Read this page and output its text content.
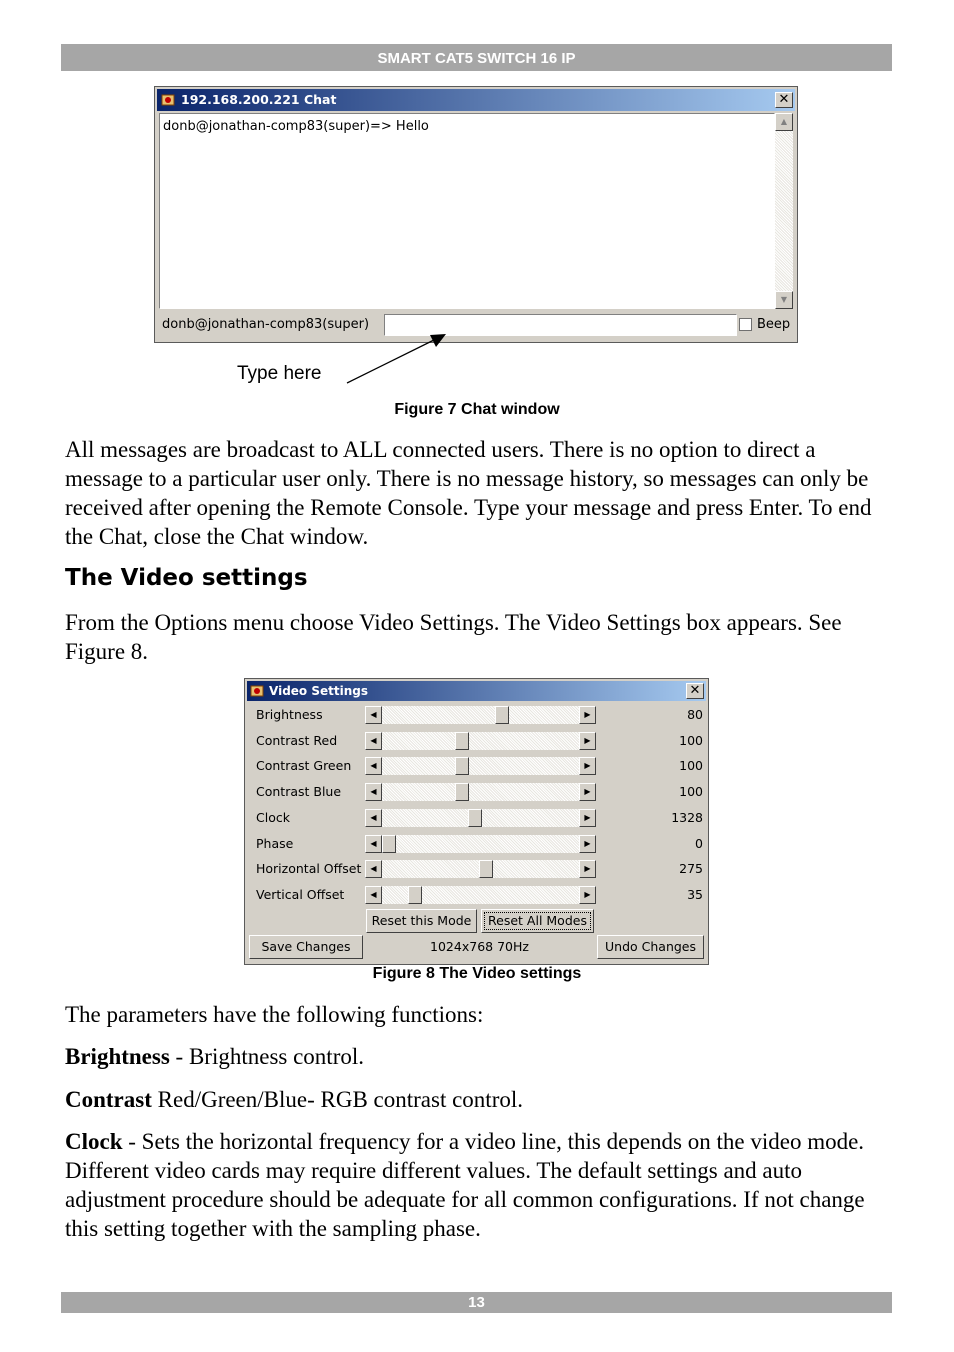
SMART CAT5 SWITCH 16 IP
192.168.200.221 Chat	✕
donb@jonathan-comp83(super)=> Hello	▲
▼
donb@jonathan-comp83(super)	Beep
Type here
Figure 7 Chat window
All messages are broadcast to ALL connected users. There is no option to direct a message to a particular user only. There is no message history, so messages can only be received after opening the Remote Console. Type your message and press Enter. To end the Chat, close the Chat window.
The Video settings
From the Options menu choose Video Settings. The Video Settings box appears. See Figure 8.
Video Settings	✕
Brightness	◀	▶	80
Contrast Red	◀	▶	100
Contrast Green	◀	▶	100
Contrast Blue	◀	▶	100
Clock	◀	▶	1328
Phase	◀	▶	0
Horizontal Offset	◀	▶	275
Vertical Offset	◀	▶	35
Reset this Mode	Reset All Modes
Save Changes	1024x768 70Hz	Undo Changes
Figure 8 The Video settings
The parameters have the following functions:
Brightness - Brightness control.
Contrast Red/Green/Blue- RGB contrast control.
Clock - Sets the horizontal frequency for a video line, this depends on the video mode. Different video cards may require different values. The default settings and auto adjustment procedure should be adequate for all common configurations. If not change this setting together with the sampling phase.
13
